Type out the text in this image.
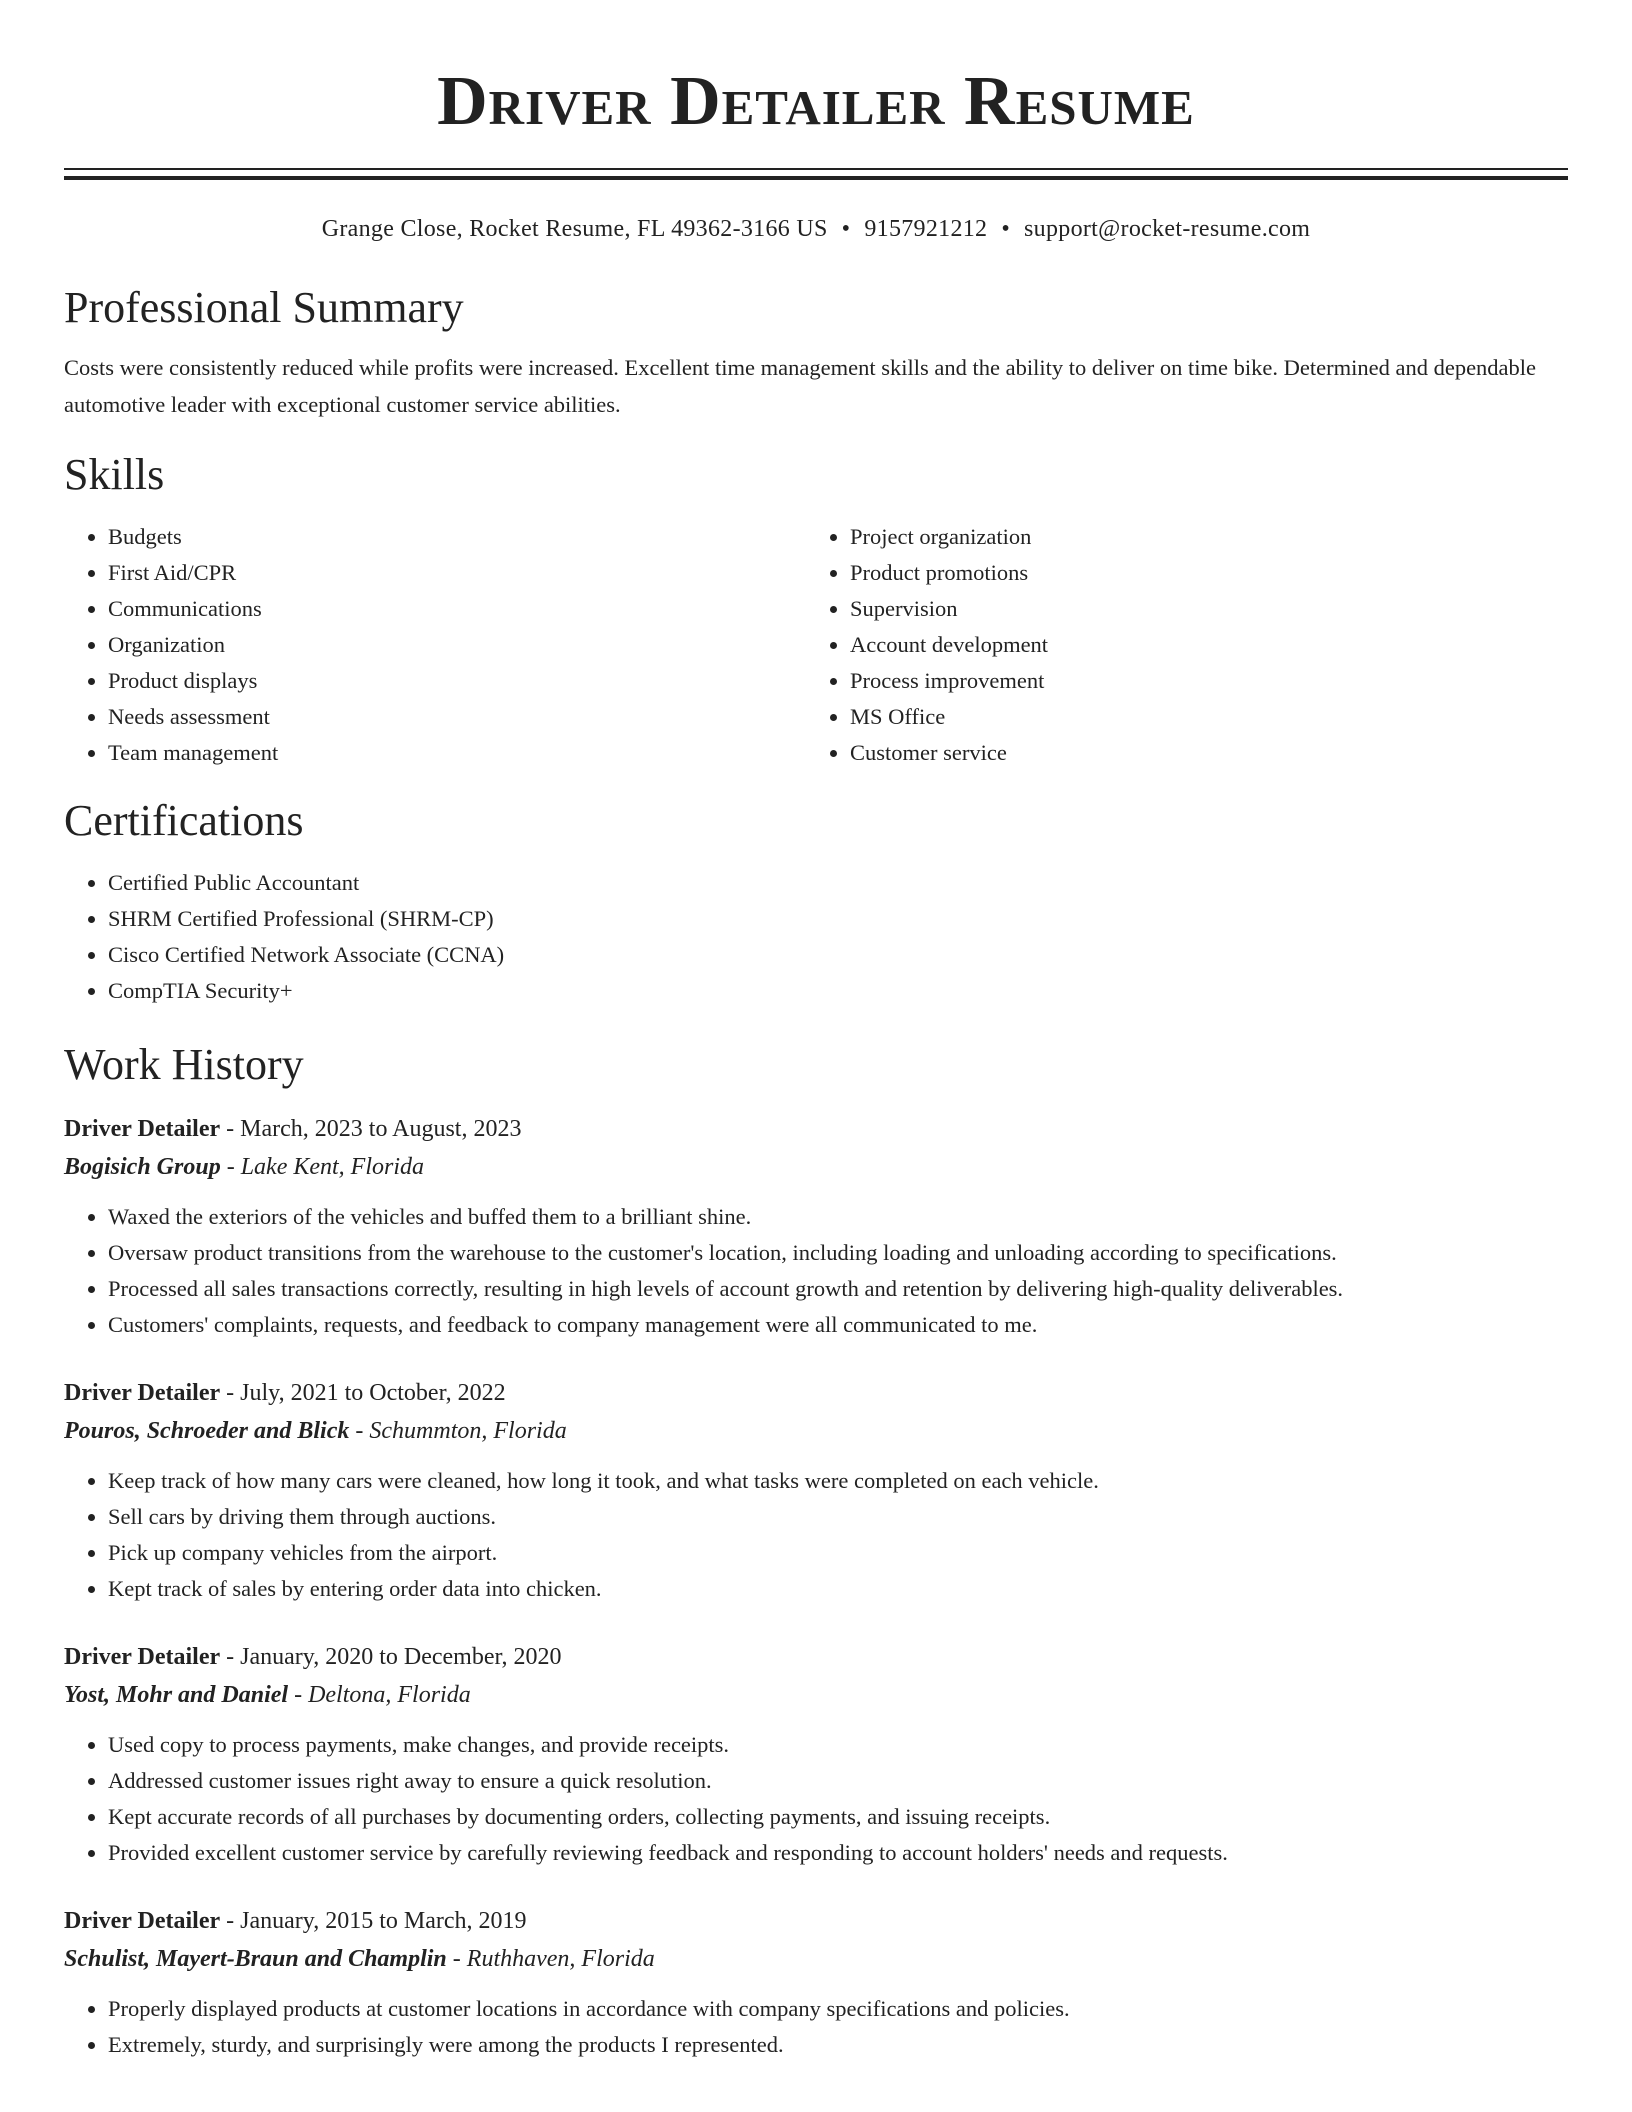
Driver Detailer Resume
Grange Close, Rocket Resume, FL 49362-3166 US • 9157921212 • support@rocket-resume.com
Professional Summary

Costs were consistently reduced while profits were increased. Excellent time management skills and the ability to deliver on time bike. Determined and dependable automotive leader with exceptional customer service abilities.

Skills
• Budgets
• First Aid/CPR
• Communications
• Organization
• Product displays
• Needs assessment
• Team management
• Project organization
• Product promotions
• Supervision
• Account development
• Process improvement
• MS Office
• Customer service
Certifications
• Certified Public Accountant
• SHRM Certified Professional (SHRM-CP)
• Cisco Certified Network Associate (CCNA)
• CompTIA Security+
Work History
Driver Detailer - March, 2023 to August, 2023
Bogisich Group - Lake Kent, Florida
• Waxed the exteriors of the vehicles and buffed them to a brilliant shine.
• Oversaw product transitions from the warehouse to the customer's location, including loading and unloading according to specifications.
• Processed all sales transactions correctly, resulting in high levels of account growth and retention by delivering high-quality deliverables.
• Customers' complaints, requests, and feedback to company management were all communicated to me.
Driver Detailer - July, 2021 to October, 2022
Pouros, Schroeder and Blick - Schummton, Florida
• Keep track of how many cars were cleaned, how long it took, and what tasks were completed on each vehicle.
• Sell cars by driving them through auctions.
• Pick up company vehicles from the airport.
• Kept track of sales by entering order data into chicken.
Driver Detailer - January, 2020 to December, 2020
Yost, Mohr and Daniel - Deltona, Florida
• Used copy to process payments, make changes, and provide receipts.
• Addressed customer issues right away to ensure a quick resolution.
• Kept accurate records of all purchases by documenting orders, collecting payments, and issuing receipts.
• Provided excellent customer service by carefully reviewing feedback and responding to account holders' needs and requests.
Driver Detailer - January, 2015 to March, 2019
Schulist, Mayert-Braun and Champlin - Ruthhaven, Florida
• Properly displayed products at customer locations in accordance with company specifications and policies.
• Extremely, sturdy, and surprisingly were among the products I represented.
